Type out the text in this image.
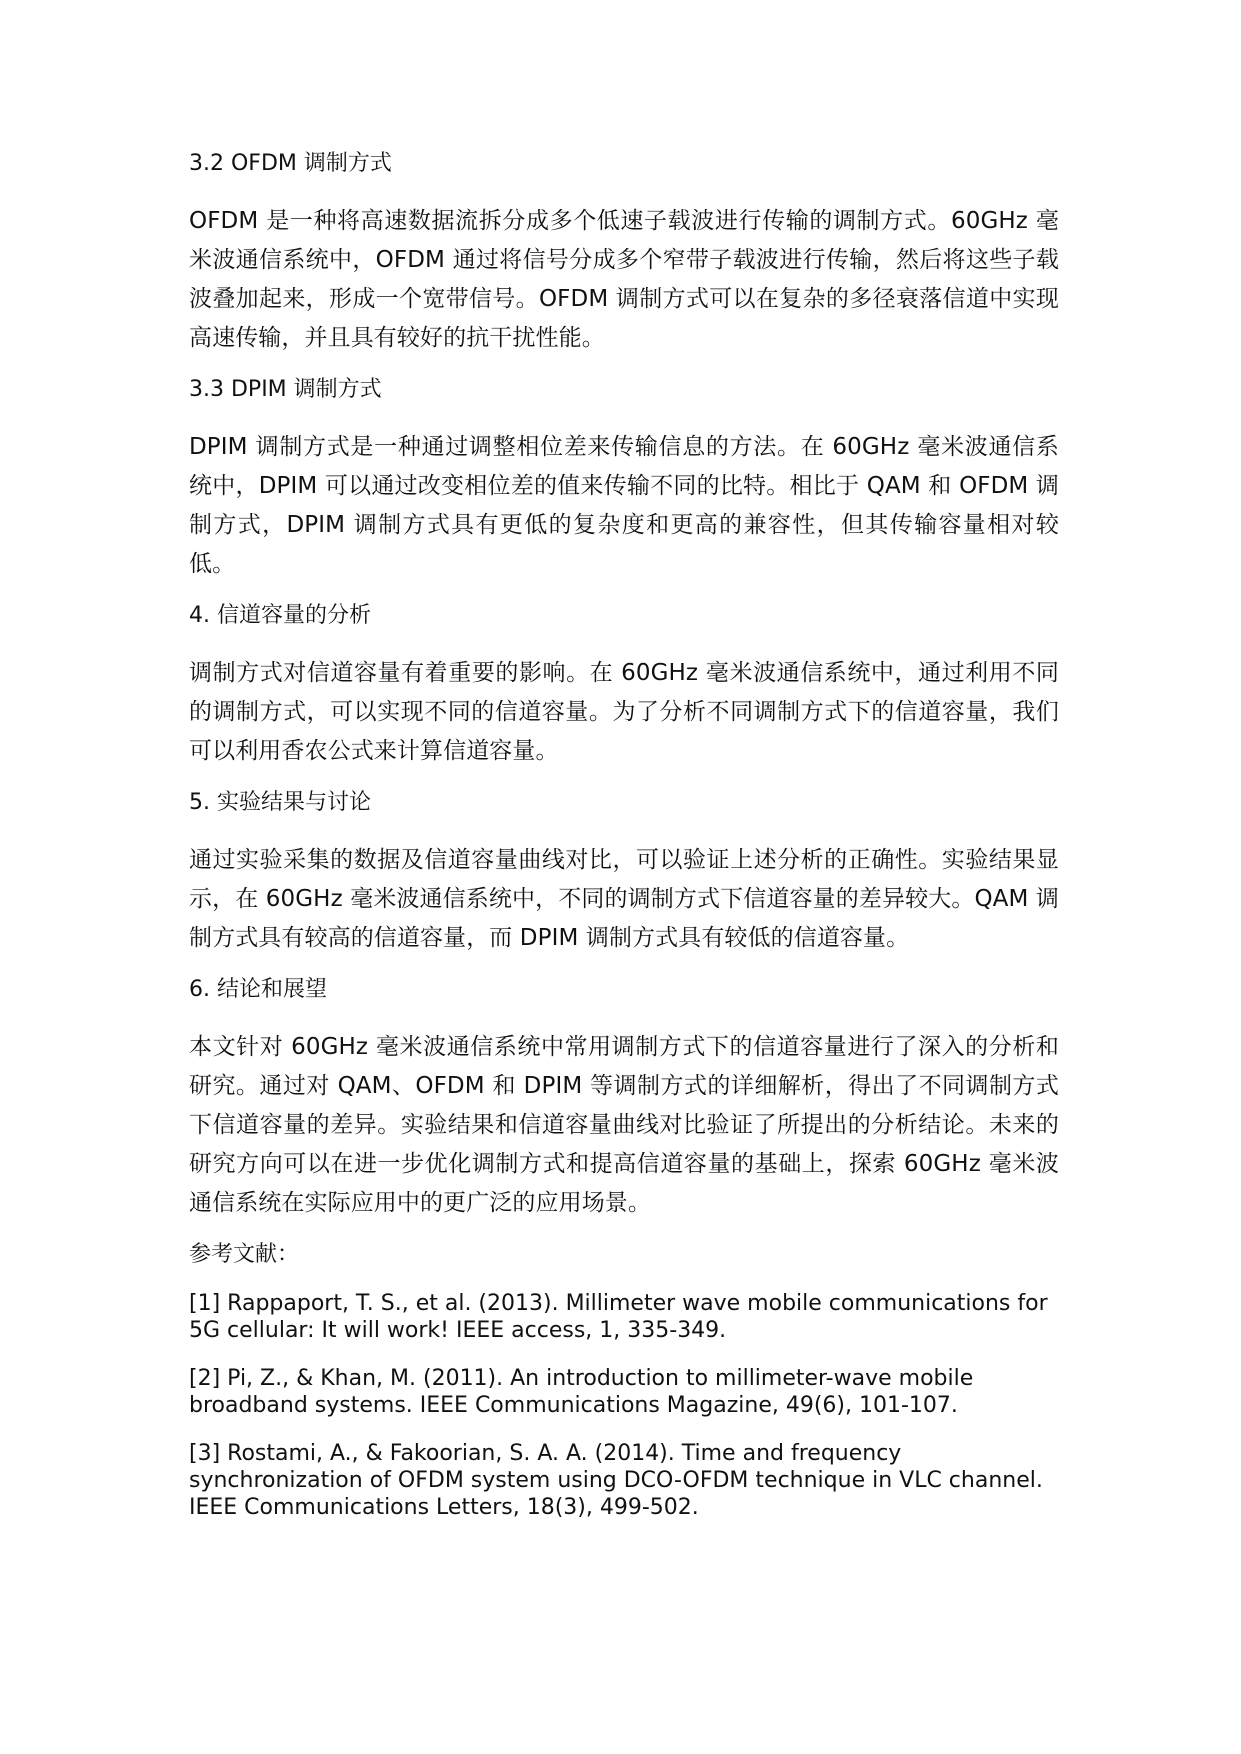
3.2 OFDM 调制方式

OFDM 是一种将高速数据流拆分成多个低速子载波进行传输的调制方式。60GHz 毫米波通信系统中，OFDM 通过将信号分成多个窄带子载波进行传输，然后将这些子载波叠加起来，形成一个宽带信号。OFDM 调制方式可以在复杂的多径衰落信道中实现高速传输，并且具有较好的抗干扰性能。

3.3 DPIM 调制方式

DPIM 调制方式是一种通过调整相位差来传输信息的方法。在 60GHz 毫米波通信系统中，DPIM 可以通过改变相位差的值来传输不同的比特。相比于 QAM 和 OFDM 调制方式，DPIM 调制方式具有更低的复杂度和更高的兼容性，但其传输容量相对较低。

4. 信道容量的分析

调制方式对信道容量有着重要的影响。在 60GHz 毫米波通信系统中，通过利用不同的调制方式，可以实现不同的信道容量。为了分析不同调制方式下的信道容量，我们可以利用香农公式来计算信道容量。

5. 实验结果与讨论

通过实验采集的数据及信道容量曲线对比，可以验证上述分析的正确性。实验结果显示，在 60GHz 毫米波通信系统中，不同的调制方式下信道容量的差异较大。QAM 调制方式具有较高的信道容量，而 DPIM 调制方式具有较低的信道容量。

6. 结论和展望

本文针对 60GHz 毫米波通信系统中常用调制方式下的信道容量进行了深入的分析和研究。通过对 QAM、OFDM 和 DPIM 等调制方式的详细解析，得出了不同调制方式下信道容量的差异。实验结果和信道容量曲线对比验证了所提出的分析结论。未来的研究方向可以在进一步优化调制方式和提高信道容量的基础上，探索 60GHz 毫米波通信系统在实际应用中的更广泛的应用场景。

参考文献：

[1] Rappaport, T. S., et al. (2013). Millimeter wave mobile communications for 5G cellular: It will work! IEEE access, 1, 335-349.

[2] Pi, Z., & Khan, M. (2011). An introduction to millimeter-wave mobile broadband systems. IEEE Communications Magazine, 49(6), 101-107.

[3] Rostami, A., & Fakoorian, S. A. A. (2014). Time and frequency synchronization of OFDM system using DCO-OFDM technique in VLC channel. IEEE Communications Letters, 18(3), 499-502.
